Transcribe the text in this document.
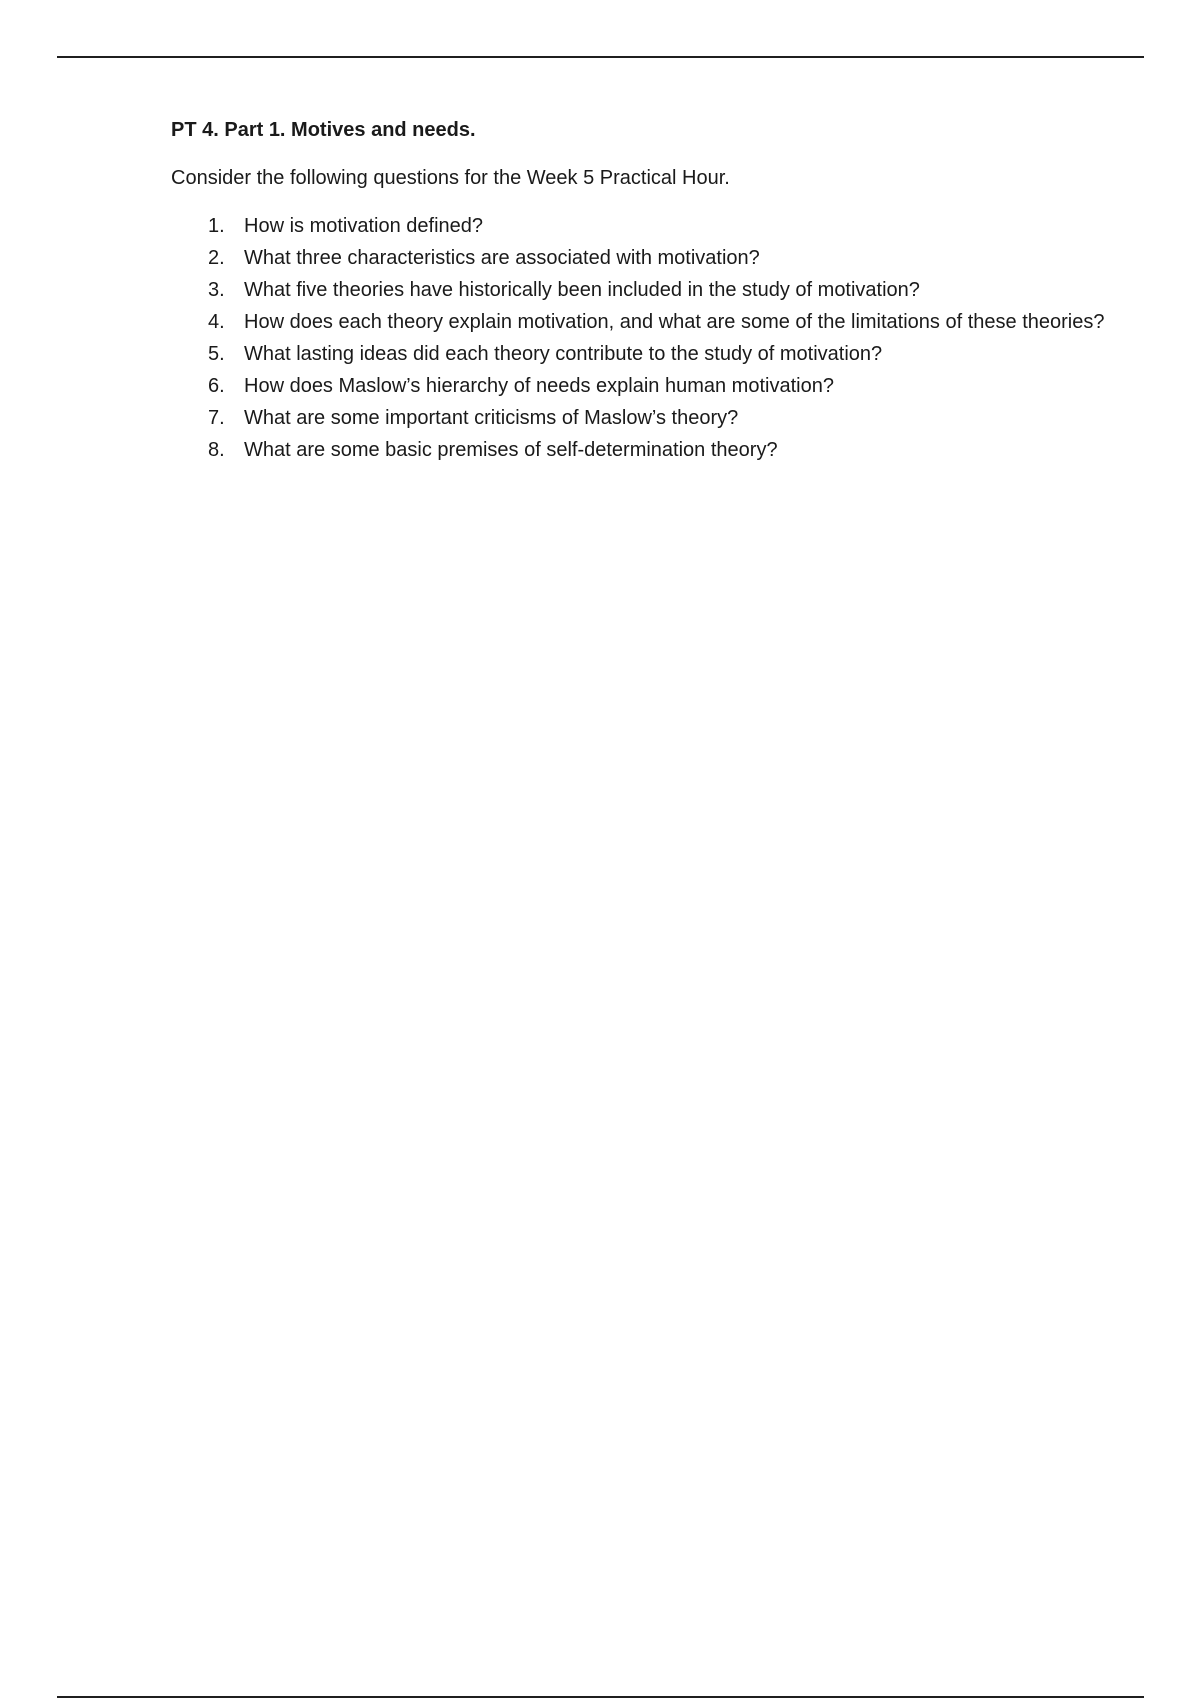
PT 4. Part 1. Motives and needs.

Consider the following questions for the Week 5 Practical Hour.

1. How is motivation defined?
2. What three characteristics are associated with motivation?
3. What five theories have historically been included in the study of motivation?
4. How does each theory explain motivation, and what are some of the limitations of these theories?
5. What lasting ideas did each theory contribute to the study of motivation?
6. How does Maslow’s hierarchy of needs explain human motivation?
7. What are some important criticisms of Maslow’s theory?
8. What are some basic premises of self-determination theory?
